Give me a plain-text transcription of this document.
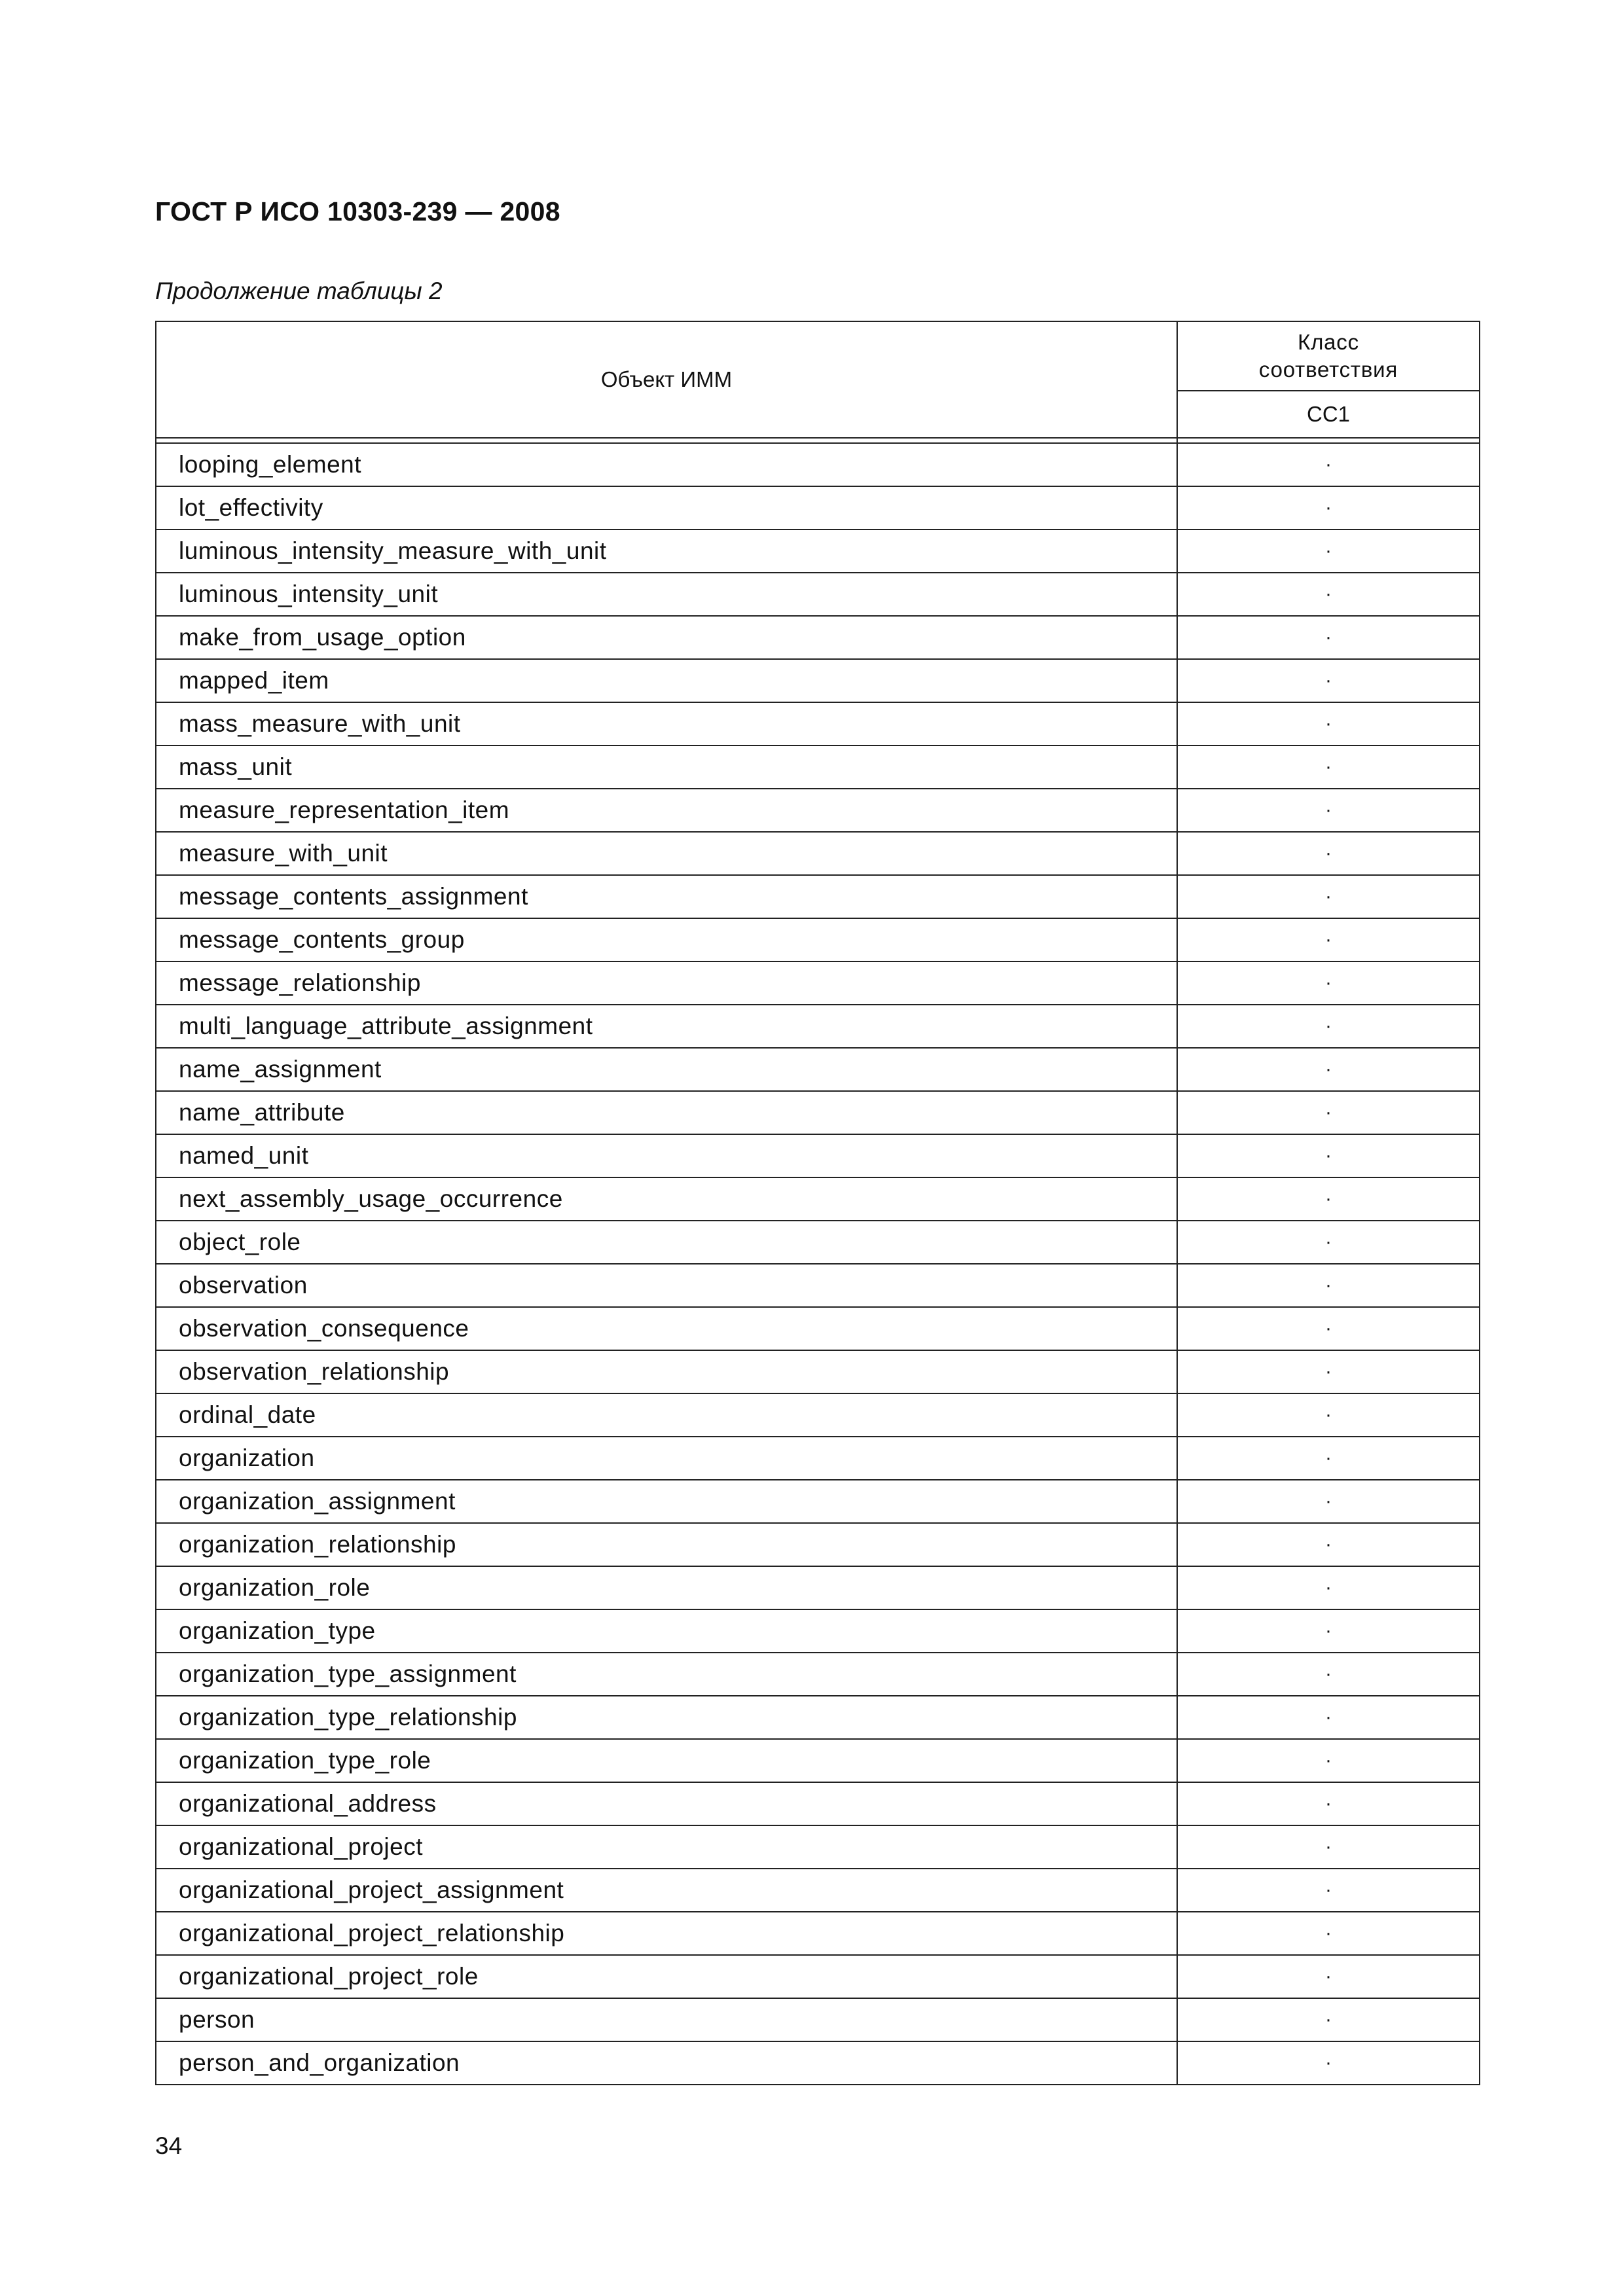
ГОСТ Р ИСО 10303-239 — 2008
Продолжение таблицы 2
Объект ИММ	Класс
соответствия
	CC1

looping_element	·
lot_effectivity	·
luminous_intensity_measure_with_unit	·
luminous_intensity_unit	·
make_from_usage_option	·
mapped_item	·
mass_measure_with_unit	·
mass_unit	·
measure_representation_item	·
measure_with_unit	·
message_contents_assignment	·
message_contents_group	·
message_relationship	·
multi_language_attribute_assignment	·
name_assignment	·
name_attribute	·
named_unit	·
next_assembly_usage_occurrence	·
object_role	·
observation	·
observation_consequence	·
observation_relationship	·
ordinal_date	·
organization	·
organization_assignment	·
organization_relationship	·
organization_role	·
organization_type	·
organization_type_assignment	·
organization_type_relationship	·
organization_type_role	·
organizational_address	·
organizational_project	·
organizational_project_assignment	·
organizational_project_relationship	·
organizational_project_role	·
person	·
person_and_organization	·
34
